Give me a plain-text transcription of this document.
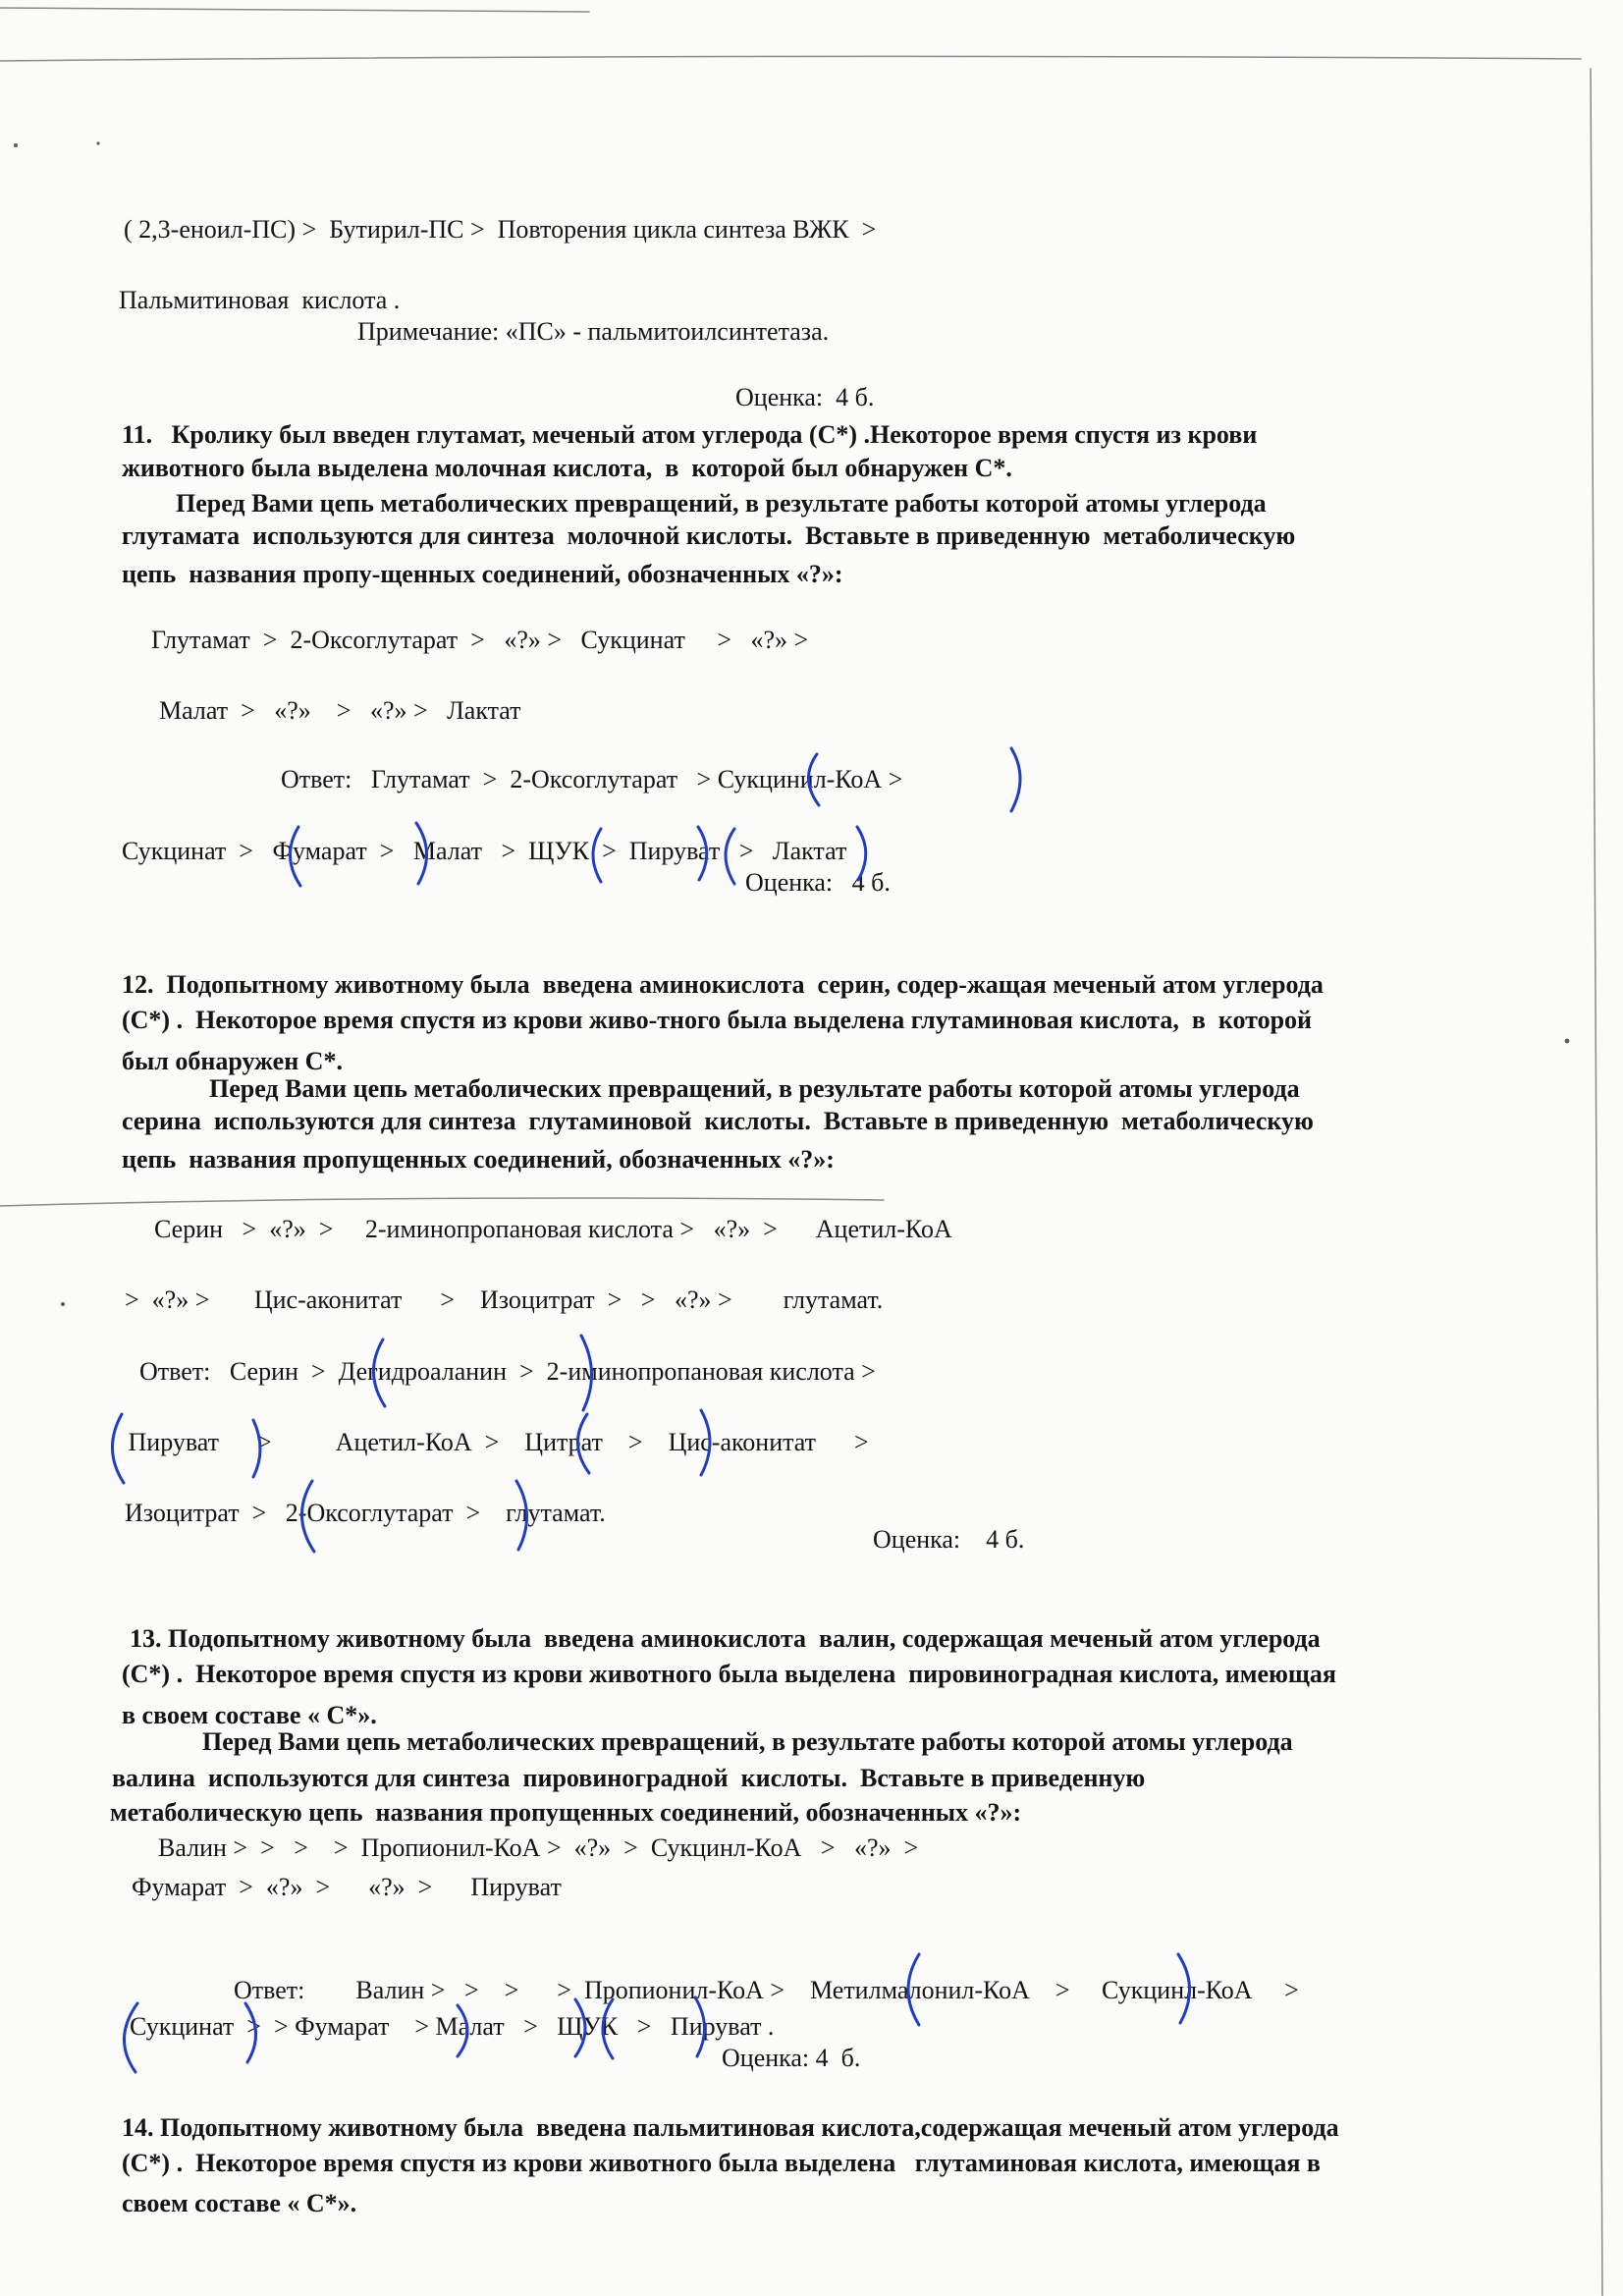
( 2,3-еноил-ПС) >  Бутирил-ПС >  Повторения цикла синтеза ВЖК  >
Пальмитиновая  кислота .
Примечание: «ПС» - пальмитоилсинтетаза.
Оценка:  4 б.
11.   Кролику был введен глутамат, меченый атом углерода (С*) .Некоторое время спустя из крови
животного была выделена молочная кислота,  в  которой был обнаружен С*.
Перед Вами цепь метаболических превращений, в результате работы которой атомы углерода
глутамата  используются для синтеза  молочной кислоты.  Вставьте в приведенную  метаболическую
цепь  названия пропу-щенных соединений, обозначенных «?»:
Глутамат  >  2-Оксоглутарат  >   «?» >   Сукцинат     >   «?» >
Малат  >   «?»    >   «?» >   Лактат
Ответ:   Глутамат  >  2-Оксоглутарат   > Сукцинил-КоА >
Сукцинат  >   Фумарат  >   Малат   >  ЩУК  >  Пируват   >   Лактат
Оценка:   4 б.
12.  Подопытному животному была  введена аминокислота  серин, содер-жащая меченый атом углерода
(С*) .  Некоторое время спустя из крови живо-тного была выделена глутаминовая кислота,  в  которой
был обнаружен С*.
Перед Вами цепь метаболических превращений, в результате работы которой атомы углерода
серина  используются для синтеза  глутаминовой  кислоты.  Вставьте в приведенную  метаболическую
цепь  названия пропущенных соединений, обозначенных «?»:
Серин   >  «?»  >     2-иминопропановая кислота >   «?»  >      Ацетил-КоА
>  «?» >       Цис-аконитат      >    Изоцитрат  >   >   «?» >        глутамат.
Ответ:   Серин  >  Дегидроаланин  >  2-иминопропановая кислота >
Пируват      >          Ацетил-КоА  >    Цитрат    >    Цис-аконитат      >
Изоцитрат  >   2-Оксоглутарат  >    глутамат.
Оценка:    4 б.
13. Подопытному животному была  введена аминокислота  валин, содержащая меченый атом углерода
(С*) .  Некоторое время спустя из крови животного была выделена  пировиноградная кислота, имеющая
в своем составе « С*».
Перед Вами цепь метаболических превращений, в результате работы которой атомы углерода
валина  используются для синтеза  пировиноградной  кислоты.  Вставьте в приведенную
метаболическую цепь  названия пропущенных соединений, обозначенных «?»:
Валин >  >   >    >  Пропионил-КоА >  «?»  >  Сукцинл-КоА   >   «?»  >
Фумарат  >  «?»  >      «?»  >      Пируват
Ответ:        Валин >   >    >      >  Пропионил-КоА >    Метилмалонил-КоА    >     Сукцинл-КоА     >
Сукцинат  >  > Фумарат    > Малат   >   ЩУК   >   Пируват .
Оценка: 4  б.
14. Подопытному животному была  введена пальмитиновая кислота,содержащая меченый атом углерода
(С*) .  Некоторое время спустя из крови животного была выделена   глутаминовая кислота, имеющая в
своем составе « С*».
